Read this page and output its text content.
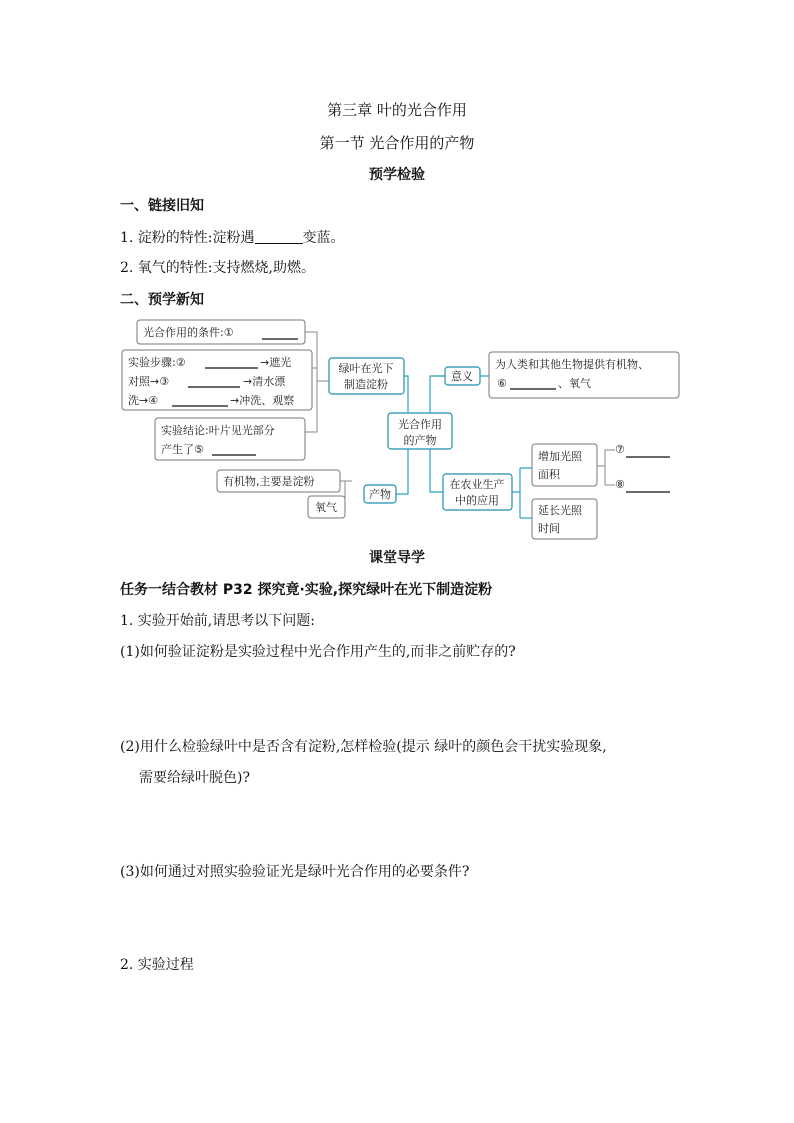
第三章 叶的光合作用
第一节 光合作用的产物
预学检验
一、链接旧知
1. 淀粉的特性:淀粉遇	变蓝。
2. 氧气的特性:支持燃烧,助燃。
二、预学新知
光合作用的条件:①
实验步骤:②	→遮光
对照→③	→清水漂
洗→④	→冲洗、观察
实验结论:叶片见光部分
产生了⑤
绿叶在光下
制造淀粉
光合作用
的产物
意义
为人类和其他生物提供有机物、
⑥	、氧气
产物
有机物,主要是淀粉
氧气
在农业生产
中的应用
增加光照
面积
延长光照
时间
⑦
⑧
课堂导学
任务一结合教材 P32 探究竟·实验,探究绿叶在光下制造淀粉
1. 实验开始前,请思考以下问题:
(1)如何验证淀粉是实验过程中光合作用产生的,而非之前贮存的?
(2)用什么检验绿叶中是否含有淀粉,怎样检验(提示 绿叶的颜色会干扰实验现象,
需要给绿叶脱色)?
(3)如何通过对照实验验证光是绿叶光合作用的必要条件?
2. 实验过程
